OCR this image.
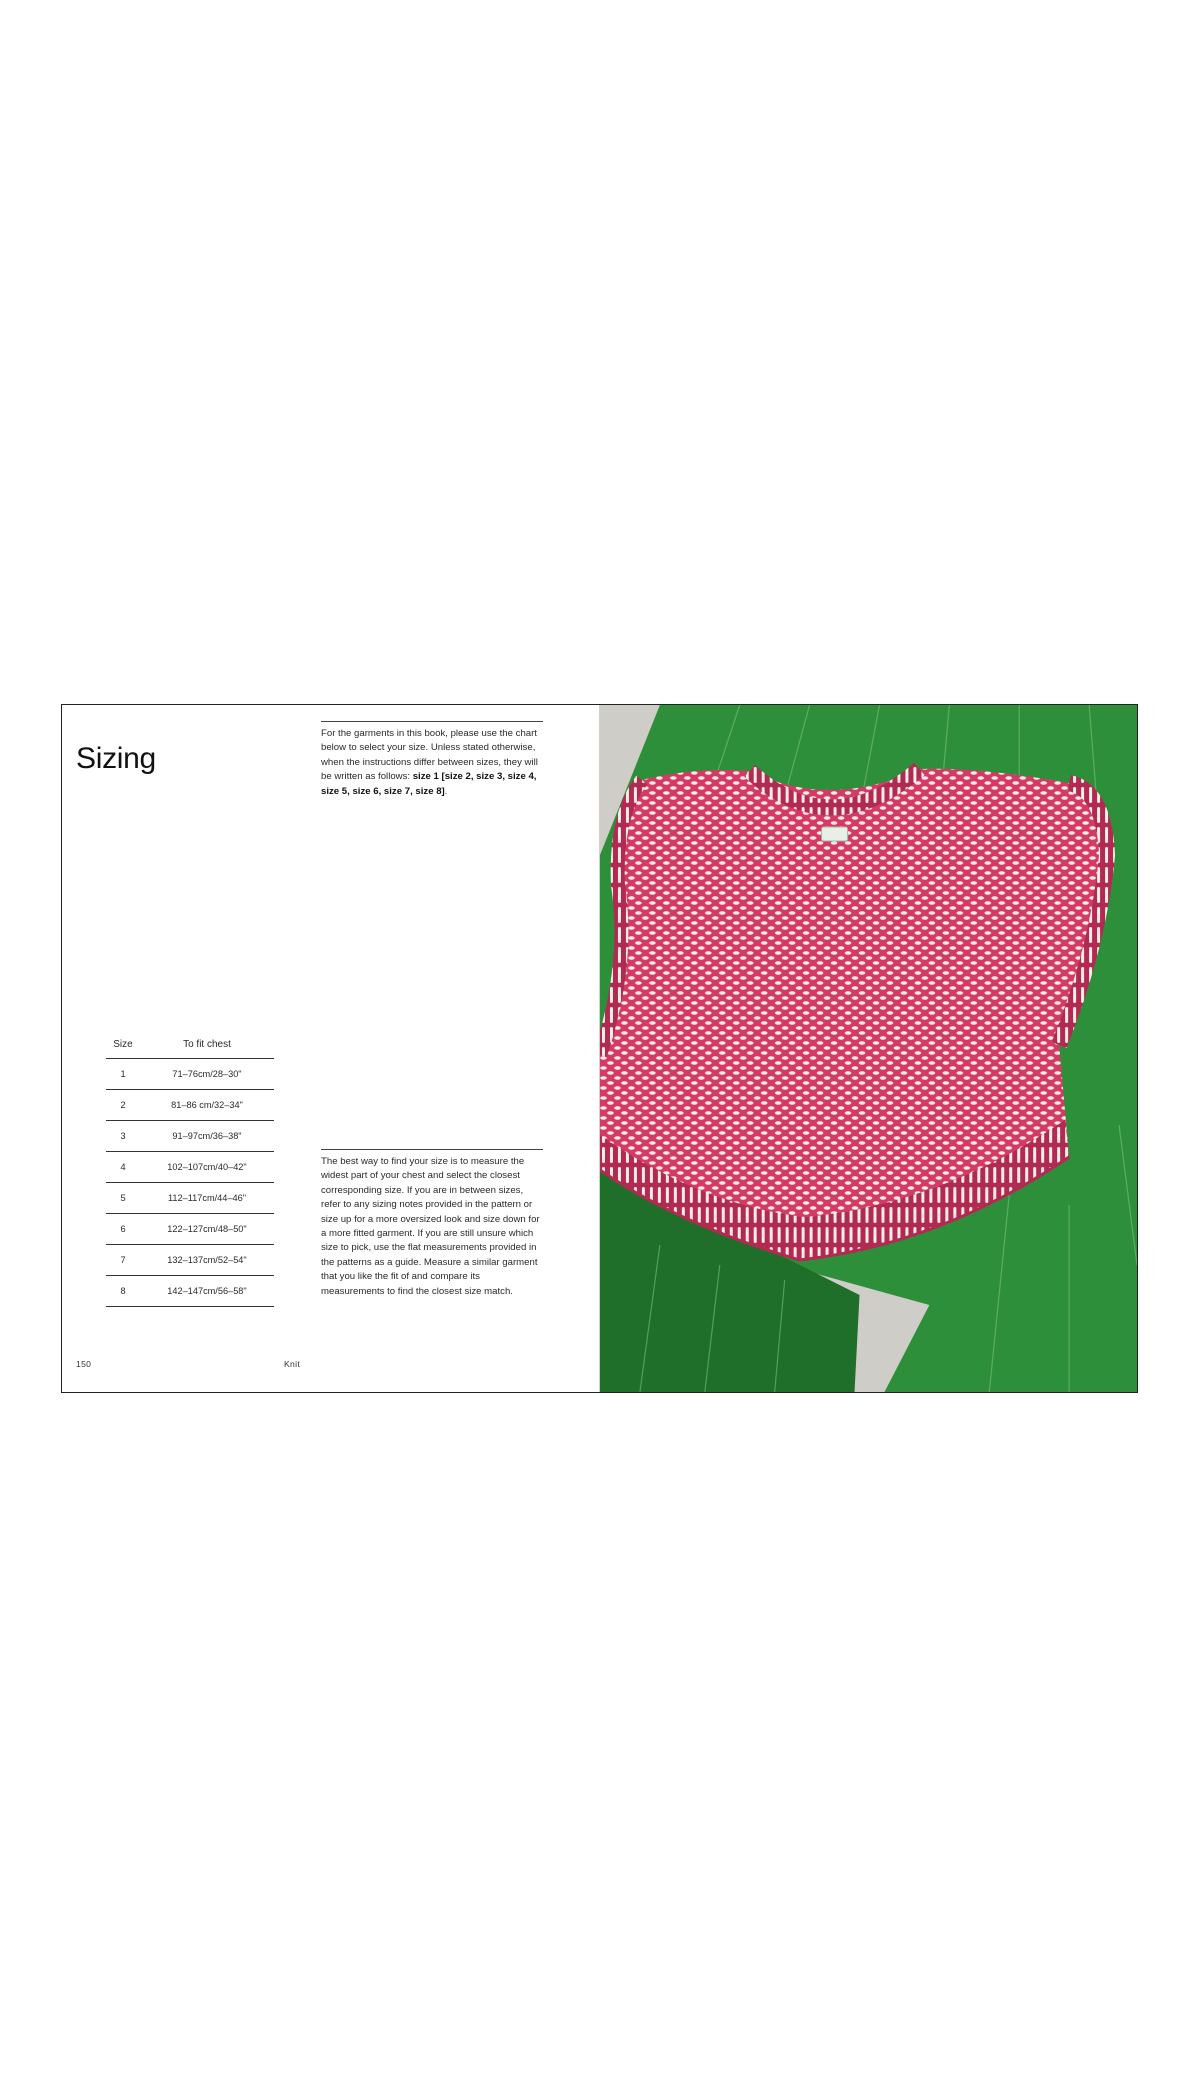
Sizing
For the garments in this book, please use the chart below to select your size. Unless stated otherwise, when the instructions differ between sizes, they will be written as follows: size 1 [size 2, size 3, size 4, size 5, size 6, size 7, size 8].
Size	To fit chest
1	71–76cm/28–30"
2	81–86 cm/32–34"
3	91–97cm/36–38"
4	102–107cm/40–42"
5	112–117cm/44–46"
6	122–127cm/48–50"
7	132–137cm/52–54"
8	142–147cm/56–58"
The best way to find your size is to measure the widest part of your chest and select the closest corresponding size. If you are in between sizes, refer to any sizing notes provided in the pattern or size up for a more oversized look and size down for a more fitted garment. If you are still unsure which size to pick, use the flat measurements provided in the patterns as a guide. Measure a similar garment that you like the fit of and compare its measurements to find the closest size match.
150	Knit
